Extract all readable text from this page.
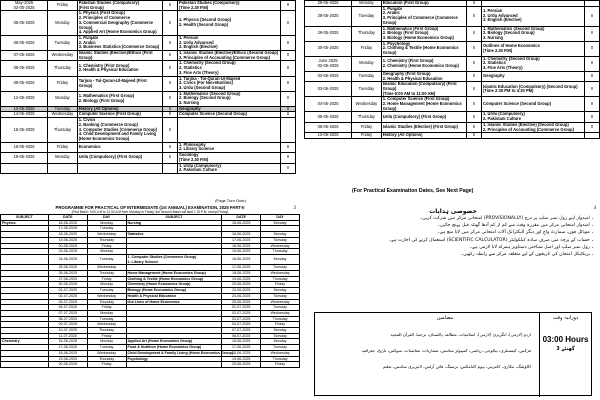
May-2025
02-05-2025	Friday	Pakistan Studies (Compulsory)
(First Group)	II	Pakistan Studies (Compulsory)
(Time 2.30 P.M)	II
05-05-2025	Monday	1. Physics (First Group)
2. Principles of Commerce
3. Commercial Geography (Commerce Group)
4. Applied Art (Home Economics Group)	II	1. Physics (Second Group)
2. Health (Second Group)	II
06-05-2025	Tuesday	1. Punjabi
2. Arabic
3. Business Statistics (Commerce Group)	II	1. Persian
2. Urdu Advanced
3. English (Elective)	II
07-05-2025	Wednesday	Islamic Studies (Elective)/Ethics (First Group)	II	1. Islamic Studies (Elective)/Ethics (Second Group)
2. Principles of Accounting (Commerce Group)	II
08-05-2025	Thursday	1. Chemistry (First Group)
2. Health & Physical Education	II	1. Chemistry (Second Group)
2. Statistics
3. Fine Arts (Theory)	II
09-05-2025	Friday	Tarjma - Tul-Quran-Ul-Majeed (First Group)	II	1. Tarjma - Tul-Quran-Ul-Majeed
2. Civics (For Non-Muslims)
3. Urdu (Second Group)	II
12-05-2025	Monday	1. Mathematics (First Group)
2. Biology (First Group)	II	1. Mathematics (Second Group)
2. Biology (Second Group)
3. Nursing	II
13-05-2025	Tuesday	History (All Options)	II	Geography	II
14-05-2025	Wednesday	Computer Science (First Group)	II	Computer Science (Second Group)	II
15-05-2025	Thursday	1. Civics
2. Banking (Commerce Group)
3. Computer Studies (Commerce Group)
4. Child Development and Family Living (Home Economics Group)	II		
16-05-2025	Friday	Economics	II	1. Philosophy
2. Library Science	II
19-05-2025	Monday	Urdu (Compulsory) (First Group)	II	Sociology
(Time 2.30 P.M)	II
				1. Urdu (Compulsory)
2. Pakistani Culture	II
(Page Turn Over)
29-05-2025	Monday	Education (First Group)	II		
28-05-2025	Tuesday	1. Punjabi
2. Arabic
3. Principles of Commerce (Commerce Group)	II	1. Persian
2. Urdu Advanced
3. English (Elective)	II
29-05-2025	Thursday	1. Mathematics (First Group)
2. Biology (First Group)
3. Biology (Home Economics Group)	II	1. Mathematics (Second Group)
2. Biology (Second Group)
3. Nursing	II
30-05-2025	Friday	1. Psychology
2. Clothing & Textile (Home Economics Group)	II	Outlines of Home Economics
(Time 2.30 P.M)	II
June 2025
02-06-2025	Monday	1. Chemistry (First Group)
2. Chemistry (Home Economics Group)	II	1. Chemistry (Second Group)
2. Statistics
3. Fine Arts (Theory)	II
03-06-2025	Tuesday	Geography (First Group)
2. Health & Physical Education	II	Geography	II
03-06-2025	Tuesday	Islamic Education (Compulsory) (First Group)
(Time 9:00 AM to 11:00 AM)	II	Islamic Education (Compulsory) (Second Group)
(Time 2:30 PM to 4:30 PM)	II
04-06-2025	Wednesday	1. Computer Science (First Group)
2. Home Management (Home Economics Group)	II	Computer Science (Second Group)	II
05-06-2025	Thursday	Urdu (Compulsory) (First Group)	II	1. Urdu (Compulsory)
2. Pakistani Culture	II
06-06-2025	Friday	Islamic Studies (Elective) (First Group)	II	1. Islamic Studies (Elective) (Second Group)
2. Principles of Accounting (Commerce Group)	II
13-06-2025	Friday	History (All Options)	II		
(For Practical Examination Dates, See Next Page)
3
PROGRAMME FOR PRACTICAL OF INTERMEDIATE (1st ANNUAL) EXAMINATION, 2025 PART-II
(First Batch: 9.00 A.M to 12.00 A.M from Monday to Friday; the Second Batch will start 1.30 P.M. except Friday)
SUBJECT	DATE	DAY	SUBJECT	DATE	DAY
Physics	16-06-2025	Monday	Nursing	16-06-2025	Monday
	17-06-2025	Tuesday			
	18-06-2025	Wednesday	Statistics	16-06-2025	Monday
	19-06-2025	Thursday		17-06-2025	Tuesday
	20-06-2025	Friday		18-06-2025	Wednesday
	23-06-2025	Monday		19-06-2025	Thursday
	24-06-2025	Tuesday	1. Computer Studies (Commerce Group)
2. Library Science	16-06-2025	Monday
	25-06-2025	Wednesday		17-06-2025	Tuesday
	26-06-2025	Thursday	Home Management (Home Economics Group)	18-06-2025	Wednesday
	27-06-2025	Friday	Clothing & Textile (Home Economics Group)	19-06-2025	Thursday
	30-06-2025	Monday	Chemistry (Home Economics Group)	20-06-2025	Friday
	01-07-2025	Tuesday	Biology (Home Economics Group)	23-06-2025	Monday
	02-07-2025	Wednesday	Health & Physical Education	24-06-2025	Tuesday
	03-07-2025	Thursday	Out Lines of Home Economics	25-06-2025	Wednesday
	04-07-2025	Friday		01-07-2025	Tuesday
	07-07-2025	Monday		02-07-2025	Wednesday
	08-07-2025	Tuesday		03-07-2025	Thursday
	09-07-2025	Wednesday		04-07-2025	Friday
	10-07-2025	Thursday		07-07-2025	Monday
	11-07-2025	Friday		08-07-2025	Tuesday
Chemistry	16-06-2025	Monday	Applied Art (Home Economics Group)	16-06-2025	Monday
	17-06-2025	Tuesday	Food & Nutrition (Home Economics Group)	17-06-2025	Tuesday
	18-06-2025	Wednesday	Child Development & Family Living (Home Economics Group)	18-06-2025	Wednesday
	19-06-2025	Thursday	Psychology	19-06-2025	Thursday
	20-06-2025	Friday		20-06-2025	Friday
4
خصوصی ہدایات
۔ امیدوار اپنے رول نمبر سلپ پر درج (PROVISIONALLY) امتحانی مرکز میں شرکت کریں۔
۔ امیدوار امتحانی مرکز میں مقررہ وقت سے کم از کم آدھا گھنٹہ قبل پہنچ جائیں۔
۔ موبائل فون، سمارٹ واچ اور دیگر الیکٹرانک آلات امتحانی مرکز میں لانا منع ہے۔
۔ حساب کے پرچہ میں صرف سادہ کیلکولیٹر (SCIENTIFIC CALCULATOR) استعمال کرنے کی اجازت ہے۔
۔ رول نمبر سلپ اور اصل شناختی دستاویز ہمراہ لانا لازمی ہے۔
۔ پریکٹیکل امتحان کی تاریخوں کے لیے متعلقہ مرکز سے رابطہ رکھیں۔
مضامین	دورانیہ وقت
03:00 Hours
3 گھنٹے
اردو (لازمی)، انگریزی (لازمی)، اسلامیات، مطالعہ پاکستان، ترجمۃ القرآن المجید
فزکس، کیمسٹری، بیالوجی، ریاضی، کمپیوٹر سائنس، شماریات، معاشیات، سوکس، تاریخ، جغرافیہ
اکاؤنٹنگ، بنکاری، کامرس، ہوم اکنامکس، نرسنگ، فائن آرٹس، لائبریری سائنس، تعلیم
